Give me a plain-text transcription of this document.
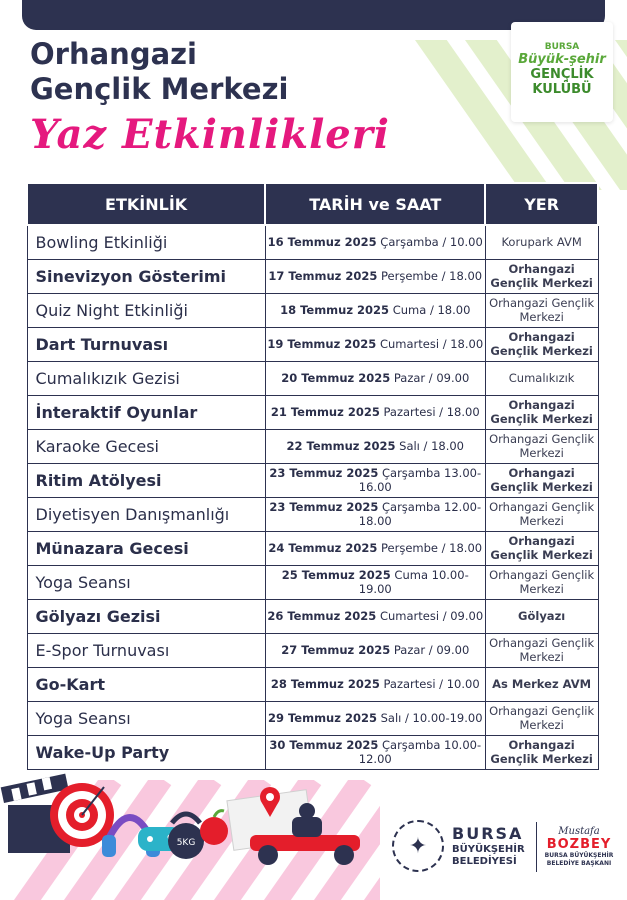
Orhangazi
Gençlik Merkezi
Yaz Etkinlikleri
BURSA
Büyük-şehir
GENÇLİK
KULÜBÜ
ETKİNLİK	TARİH ve SAAT	YER
Bowling Etkinliği	16 Temmuz 2025 Çarşamba / 10.00	Korupark AVM
Sinevizyon Gösterimi	17 Temmuz 2025 Perşembe / 18.00	Orhangazi Gençlik Merkezi
Quiz Night Etkinliği	18 Temmuz 2025 Cuma / 18.00	Orhangazi Gençlik Merkezi
Dart Turnuvası	19 Temmuz 2025 Cumartesi / 18.00	Orhangazi Gençlik Merkezi
Cumalıkızık Gezisi	20 Temmuz 2025 Pazar / 09.00	Cumalıkızık
İnteraktif Oyunlar	21 Temmuz 2025 Pazartesi / 18.00	Orhangazi Gençlik Merkezi
Karaoke Gecesi	22 Temmuz 2025 Salı / 18.00	Orhangazi Gençlik Merkezi
Ritim Atölyesi	23 Temmuz 2025 Çarşamba 13.00-16.00	Orhangazi Gençlik Merkezi
Diyetisyen Danışmanlığı	23 Temmuz 2025 Çarşamba 12.00-18.00	Orhangazi Gençlik Merkezi
Münazara Gecesi	24 Temmuz 2025 Perşembe / 18.00	Orhangazi Gençlik Merkezi
Yoga Seansı	25 Temmuz 2025 Cuma 10.00-19.00	Orhangazi Gençlik Merkezi
Gölyazı Gezisi	26 Temmuz 2025 Cumartesi / 09.00	Gölyazı
E-Spor Turnuvası	27 Temmuz 2025 Pazar / 09.00	Orhangazi Gençlik Merkezi
Go-Kart	28 Temmuz 2025 Pazartesi / 10.00	As Merkez AVM
Yoga Seansı	29 Temmuz 2025 Salı / 10.00-19.00	Orhangazi Gençlik Merkezi
Wake-Up Party	30 Temmuz 2025 Çarşamba 10.00-12.00	Orhangazi Gençlik Merkezi
5KG	✦	BURSA
BÜYÜKŞEHİR
BELEDİYESİ
Mustafa
BOZBEY
BURSA BÜYÜKŞEHİR
BELEDİYE BAŞKANI
